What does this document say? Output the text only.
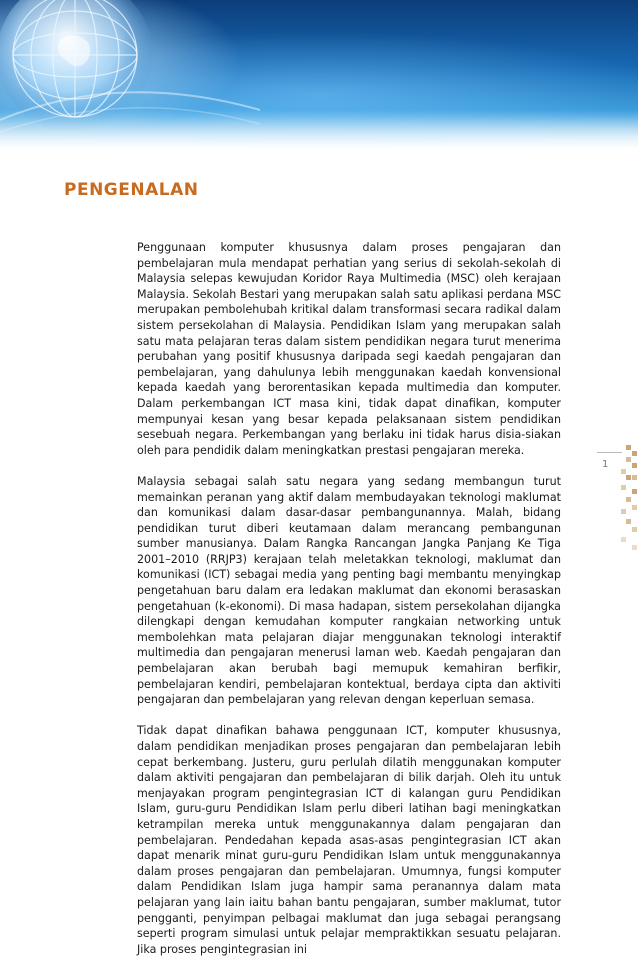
PENGENALAN

Penggunaan komputer khususnya dalam proses pengajaran dan pembelajaran mula mendapat perhatian yang serius di sekolah-sekolah di Malaysia selepas kewujudan Koridor Raya Multimedia (MSC) oleh kerajaan Malaysia. Sekolah Bestari yang merupakan salah satu aplikasi perdana MSC merupakan pembolehubah kritikal dalam transformasi secara radikal dalam sistem persekolahan di Malaysia. Pendidikan Islam yang merupakan salah satu mata pelajaran teras dalam sistem pendidikan negara turut menerima perubahan yang positif khususnya daripada segi kaedah pengajaran dan pembelajaran, yang dahulunya lebih menggunakan kaedah konvensional kepada kaedah yang berorentasikan kepada multimedia dan komputer. Dalam perkembangan ICT masa kini, tidak dapat dinafikan, komputer mempunyai kesan yang besar kepada pelaksanaan sistem pendidikan sesebuah negara. Perkembangan yang berlaku ini tidak harus disia-siakan oleh para pendidik dalam meningkatkan prestasi pengajaran mereka.

Malaysia sebagai salah satu negara yang sedang membangun turut memainkan peranan yang aktif dalam membudayakan teknologi maklumat dan komunikasi dalam dasar-dasar pembangunannya. Malah, bidang pendidikan turut diberi keutamaan dalam merancang pembangunan sumber manusianya. Dalam Rangka Rancangan Jangka Panjang Ke Tiga 2001–2010 (RRJP3) kerajaan telah meletakkan teknologi, maklumat dan komunikasi (ICT) sebagai media yang penting bagi membantu menyingkap pengetahuan baru dalam era ledakan maklumat dan ekonomi berasaskan pengetahuan (k-ekonomi). Di masa hadapan, sistem persekolahan dijangka dilengkapi dengan kemudahan komputer rangkaian networking untuk membolehkan mata pelajaran diajar menggunakan teknologi interaktif multimedia dan pengajaran menerusi laman web. Kaedah pengajaran dan pembelajaran akan berubah bagi memupuk kemahiran berfikir, pembelajaran kendiri, pembelajaran kontektual, berdaya cipta dan aktiviti pengajaran dan pembelajaran yang relevan dengan keperluan semasa.

Tidak dapat dinafikan bahawa penggunaan ICT, komputer khususnya, dalam pendidikan menjadikan proses pengajaran dan pembelajaran lebih cepat berkembang. Justeru, guru perlulah dilatih menggunakan komputer dalam aktiviti pengajaran dan pembelajaran di bilik darjah. Oleh itu untuk menjayakan program pengintegrasian ICT di kalangan guru Pendidikan Islam, guru-guru Pendidikan Islam perlu diberi latihan bagi meningkatkan ketrampilan mereka untuk menggunakannya dalam pengajaran dan pembelajaran. Pendedahan kepada asas-asas pengintegrasian ICT akan dapat menarik minat guru-guru Pendidikan Islam untuk menggunakannya dalam proses pengajaran dan pembelajaran. Umumnya, fungsi komputer dalam Pendidikan Islam juga hampir sama peranannya dalam mata pelajaran yang lain iaitu bahan bantu pengajaran, sumber maklumat, tutor pengganti, penyimpan pelbagai maklumat dan juga sebagai perangsang seperti program simulasi untuk pelajar mempraktikkan sesuatu pelajaran. Jika proses pengintegrasian ini

1
